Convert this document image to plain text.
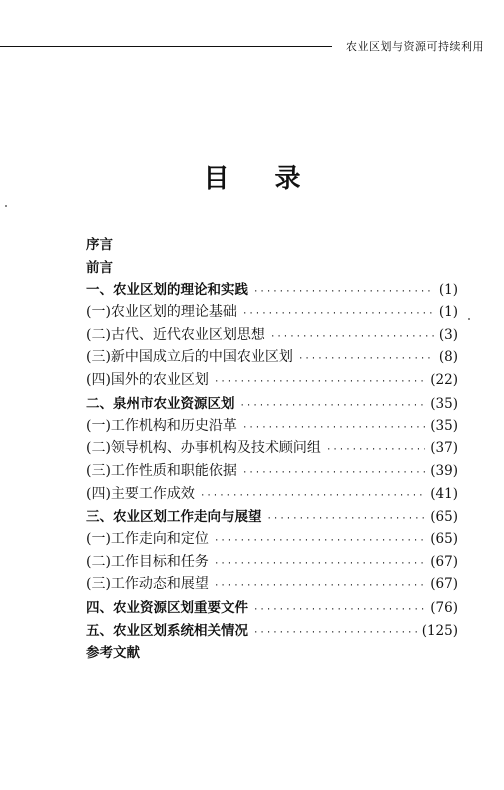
农业区划与资源可持续利用
目 录
序言
前言
一、农业区划的理论和实践 ·····	(1)
(一)农业区划的理论基础 ·····	(1)
(二)古代、近代农业区划思想 ·····	(3)
(三)新中国成立后的中国农业区划 ·····	(8)
(四)国外的农业区划 ·····	(22)
二、泉州市农业资源区划 ·····	(35)
(一)工作机构和历史沿革 ·····	(35)
(二)领导机构、办事机构及技术顾问组 ·····	(37)
(三)工作性质和职能依据 ·····	(39)
(四)主要工作成效 ·····	(41)
三、农业区划工作走向与展望 ·····	(65)
(一)工作走向和定位 ·····	(65)
(二)工作目标和任务 ·····	(67)
(三)工作动态和展望 ·····	(67)
四、农业资源区划重要文件 ·····	(76)
五、农业区划系统相关情况 ·····	(125)
参考文献
